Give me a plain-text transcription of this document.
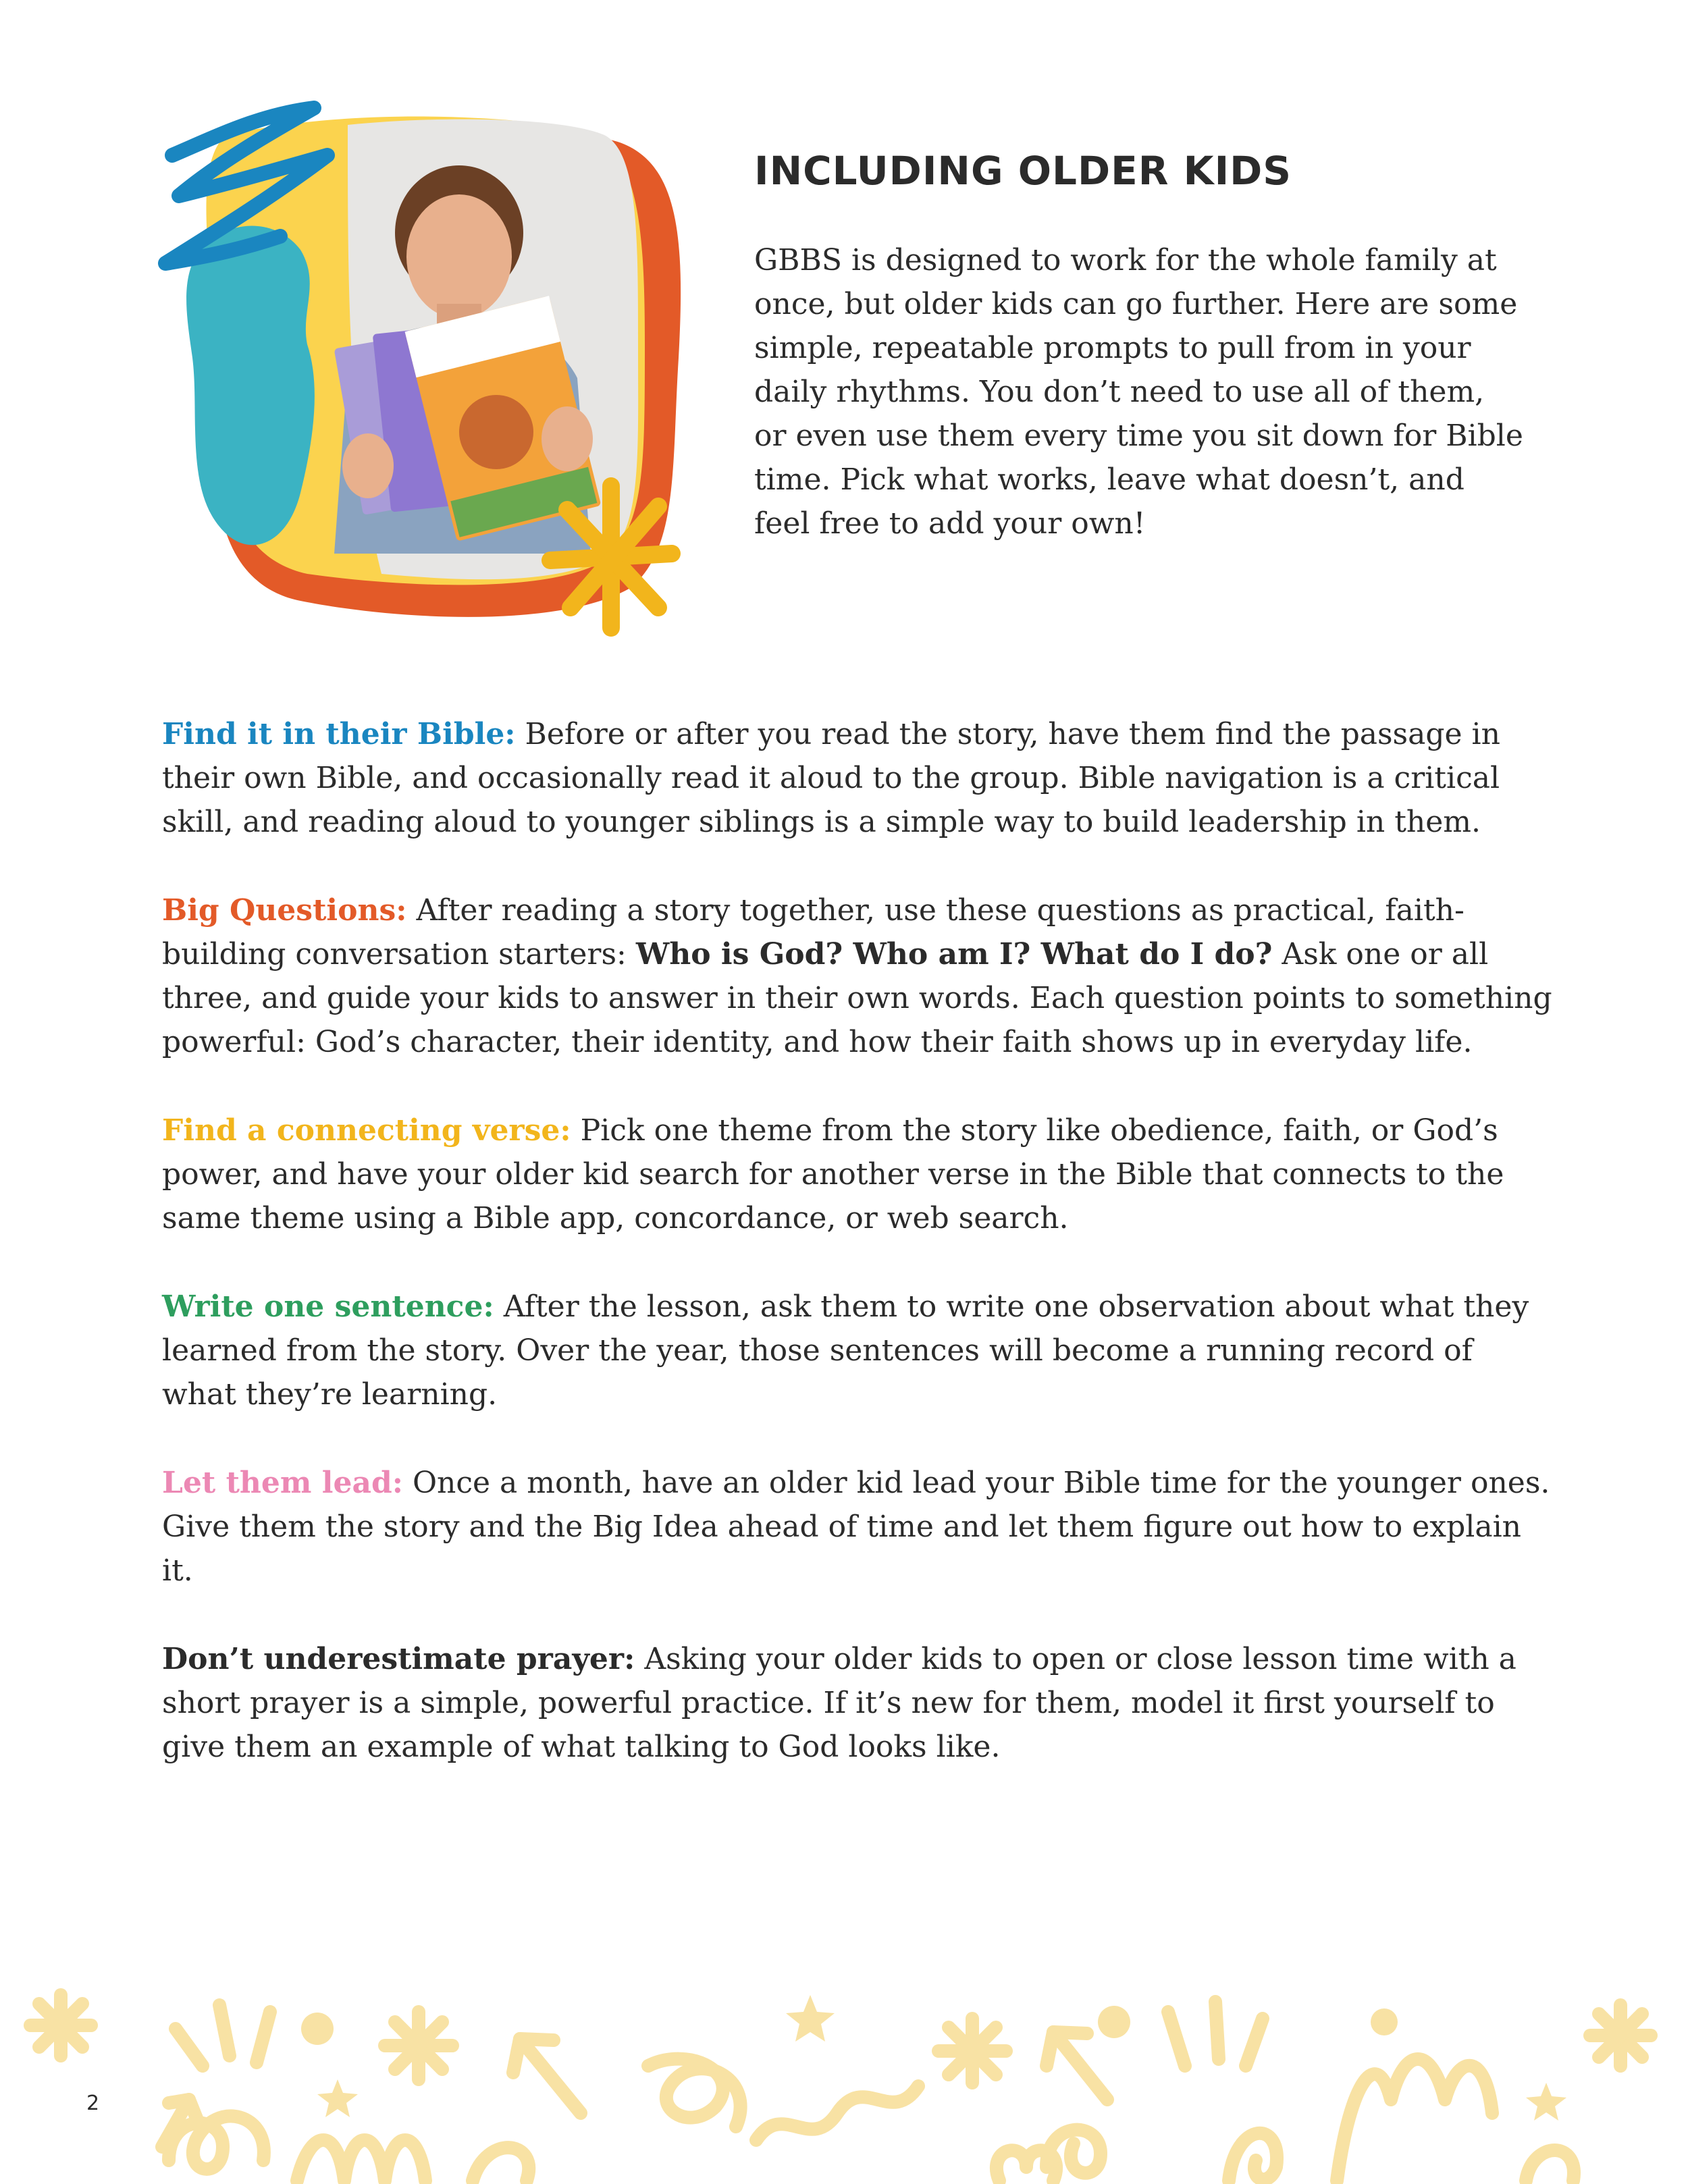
INCLUDING OLDER KIDS

GBBS is designed to work for the whole family at once, but older kids can go further. Here are some simple, repeatable prompts to pull from in your daily rhythms. You don’t need to use all of them, or even use them every time you sit down for Bible time. Pick what works, leave what doesn’t, and feel free to add your own!

Find it in their Bible: Before or after you read the story, have them find the passage in their own Bible, and occasionally read it aloud to the group. Bible navigation is a critical skill, and reading aloud to younger siblings is a simple way to build leadership in them.

Big Questions: After reading a story together, use these questions as practical, faith-building conversation starters: Who is God? Who am I? What do I do? Ask one or all three, and guide your kids to answer in their own words. Each question points to something powerful: God’s character, their identity, and how their faith shows up in everyday life.

Find a connecting verse: Pick one theme from the story like obedience, faith, or God’s power, and have your older kid search for another verse in the Bible that connects to the same theme using a Bible app, concordance, or web search.

Write one sentence: After the lesson, ask them to write one observation about what they learned from the story. Over the year, those sentences will become a running record of what they’re learning.

Let them lead: Once a month, have an older kid lead your Bible time for the younger ones. Give them the story and the Big Idea ahead of time and let them figure out how to explain it.

Don’t underestimate prayer: Asking your older kids to open or close lesson time with a short prayer is a simple, powerful practice. If it’s new for them, model it first yourself to give them an example of what talking to God looks like.

2
